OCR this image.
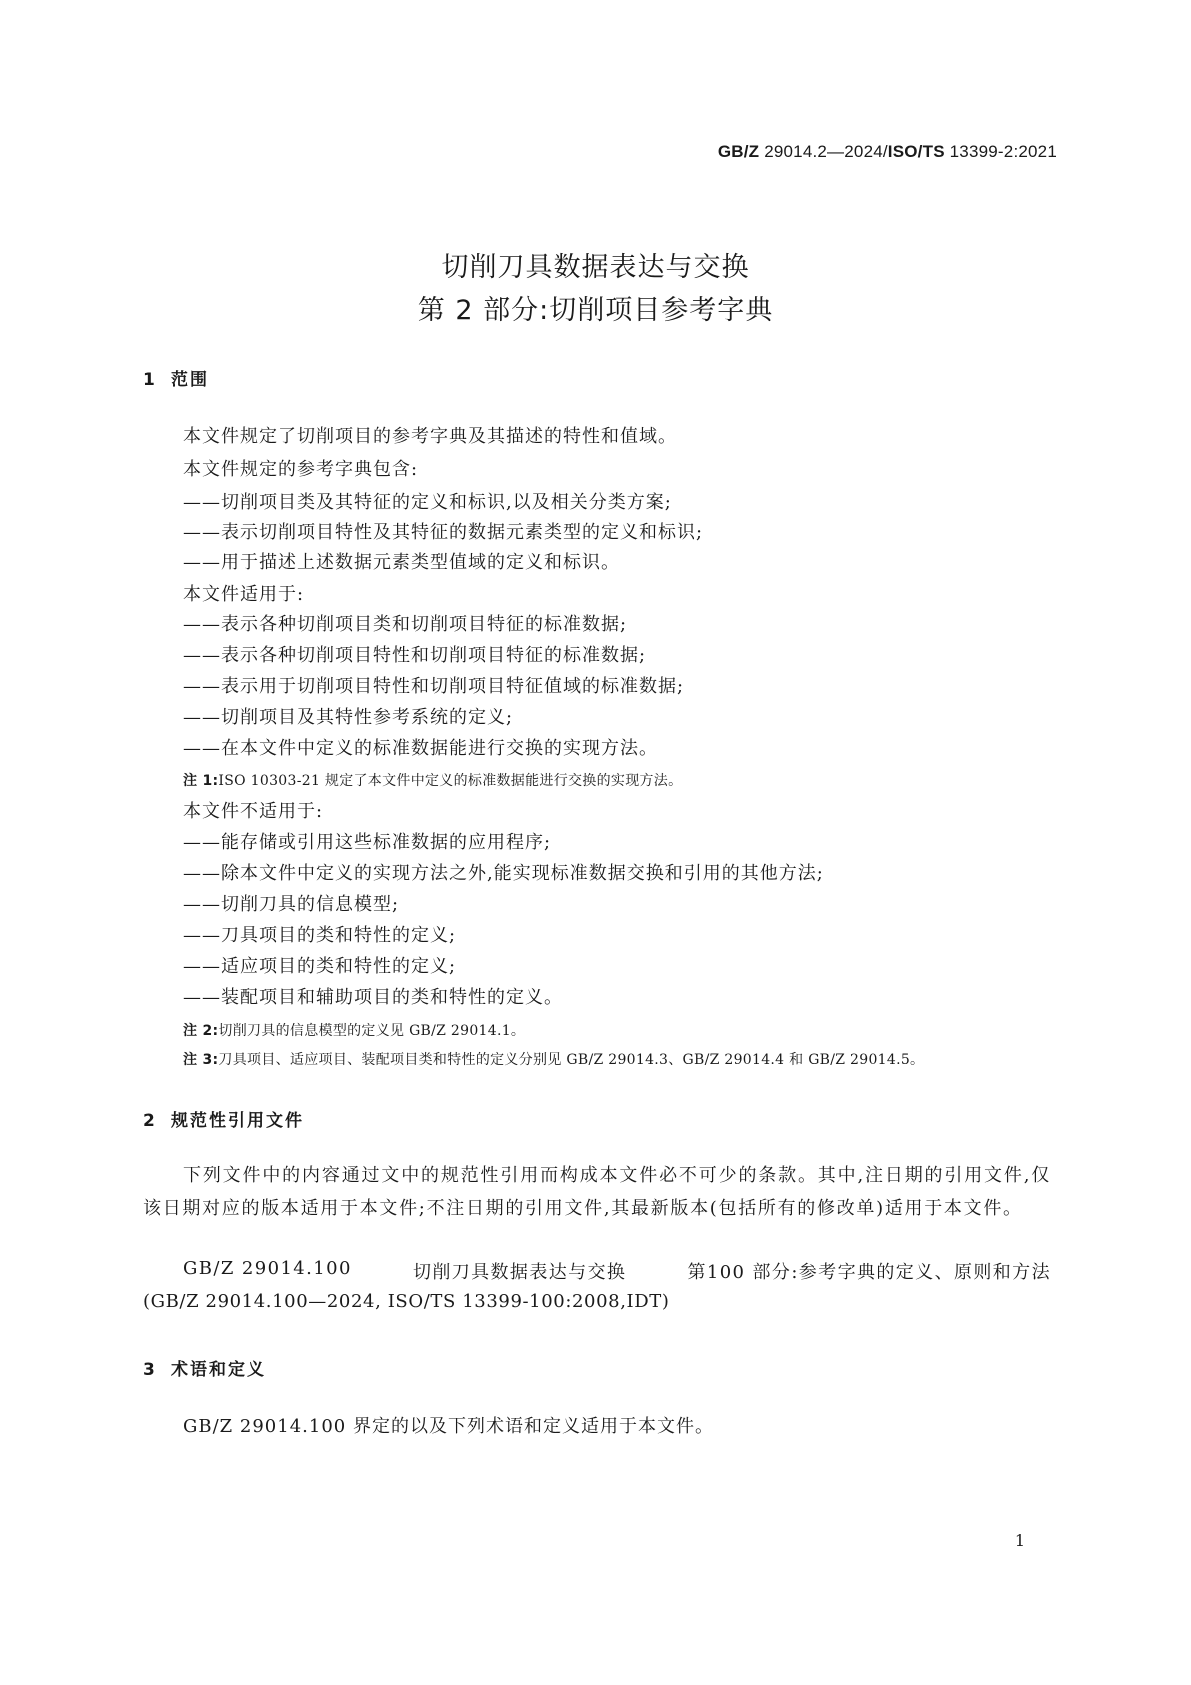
GB/Z 29014.2—2024/ISO/TS 13399-2:2021
切削刀具数据表达与交换
第 2 部分:切削项目参考字典
1 范围
本文件规定了切削项目的参考字典及其描述的特性和值域。
本文件规定的参考字典包含:
——切削项目类及其特征的定义和标识,以及相关分类方案;
——表示切削项目特性及其特征的数据元素类型的定义和标识;
——用于描述上述数据元素类型值域的定义和标识。
本文件适用于:
——表示各种切削项目类和切削项目特征的标准数据;
——表示各种切削项目特性和切削项目特征的标准数据;
——表示用于切削项目特性和切削项目特征值域的标准数据;
——切削项目及其特性参考系统的定义;
——在本文件中定义的标准数据能进行交换的实现方法。
注 1:ISO 10303-21 规定了本文件中定义的标准数据能进行交换的实现方法。
本文件不适用于:
——能存储或引用这些标准数据的应用程序;
——除本文件中定义的实现方法之外,能实现标准数据交换和引用的其他方法;
——切削刀具的信息模型;
——刀具项目的类和特性的定义;
——适应项目的类和特性的定义;
——装配项目和辅助项目的类和特性的定义。
注 2:切削刀具的信息模型的定义见 GB/Z 29014.1。
注 3:刀具项目、适应项目、装配项目类和特性的定义分别见 GB/Z 29014.3、GB/Z 29014.4 和 GB/Z 29014.5。
2 规范性引用文件
下列文件中的内容通过文中的规范性引用而构成本文件必不可少的条款。其中,注日期的引用文件,仅该日期对应的版本适用于本文件;不注日期的引用文件,其最新版本(包括所有的修改单)适用于本文件。
GB/Z 29014.100	切削刀具数据表达与交换	第100 部分:参考字典的定义、原则和方法
(GB/Z 29014.100—2024, ISO/TS 13399-100:2008,IDT)
3 术语和定义
GB/Z 29014.100 界定的以及下列术语和定义适用于本文件。
1
